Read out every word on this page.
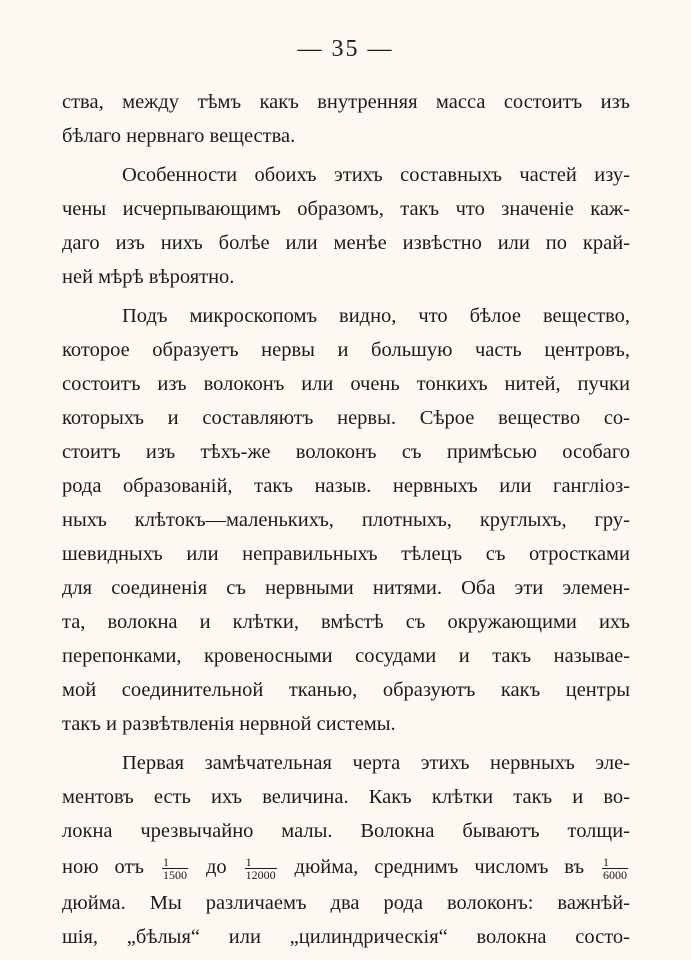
— 35 —
ства, между тѣмъ какъ внутренняя масса состоитъ изъ
бѣлаго нервнаго вещества.
Особенности обоихъ этихъ составныхъ частей изу-
чены исчерпывающимъ образомъ, такъ что значеніе каж-
даго изъ нихъ болѣе или менѣе извѣстно или по край-
ней мѣрѣ вѣроятно.
Подъ микроскопомъ видно, что бѣлое вещество,
которое образуетъ нервы и большую часть центровъ,
состоитъ изъ волоконъ или очень тонкихъ нитей, пучки
которыхъ и составляютъ нервы. Сѣрое вещество со-
стоитъ изъ тѣхъ-же волоконъ съ примѣсью особаго
рода образованій, такъ назыв. нервныхъ или ганглioз-
ныхъ клѣтокъ—маленькихъ, плотныхъ, круглыхъ, гру-
шевидныхъ или неправильныхъ тѣлецъ съ отростками
для соединенія съ нервными нитями. Оба эти элемен-
та, волокна и клѣтки, вмѣстѣ съ окружающими ихъ
перепонками, кровеносными сосудами и такъ называе-
мой соединительной тканью, образуютъ какъ центры
такъ и развѣтвленія нервной системы.
Первая замѣчательная черта этихъ нервныхъ эле-
ментовъ есть ихъ величина. Какъ клѣтки такъ и во-
локна чрезвычайно малы. Волокна бываютъ толщи-
ною отъ $\frac{1}{1500}$ до $\frac{1}{12000}$ дюйма, среднимъ числомъ въ $\frac{1}{6000}$
дюйма. Мы различаемъ два рода волоконъ: важнѣй-
шія, „бѣлыя“ или „цилиндрическія“ волокна состо-
